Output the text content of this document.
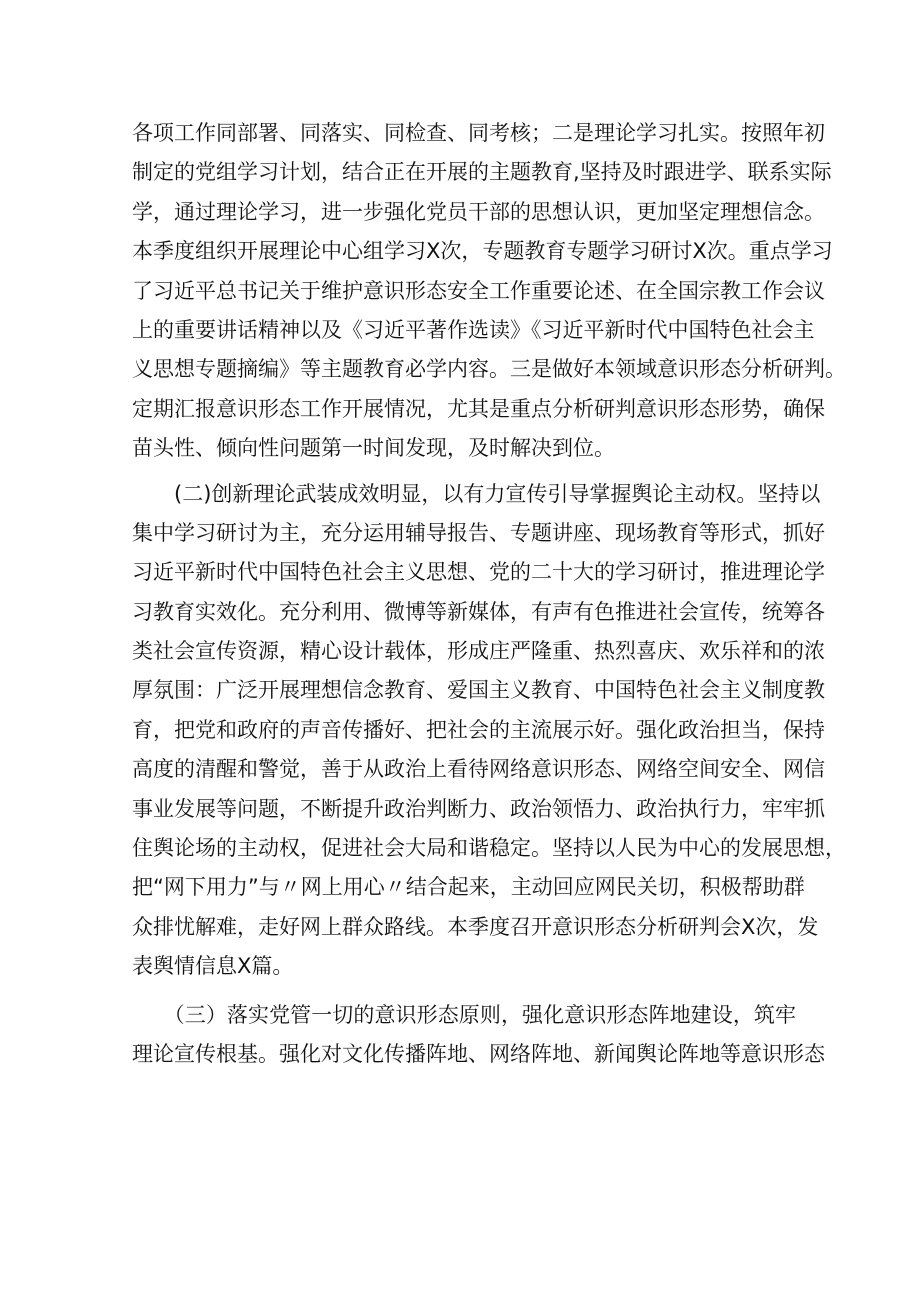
各项工作同部署、同落实、同检查、同考核；二是理论学习扎实。按照年初
制定的党组学习计划，结合正在开展的主题教育,坚持及时跟进学、联系实际
学，通过理论学习，进一步强化党员干部的思想认识，更加坚定理想信念。
本季度组织开展理论中心组学习X次，专题教育专题学习研讨X次。重点学习
了习近平总书记关于维护意识形态安全工作重要论述、在全国宗教工作会议
上的重要讲话精神以及《习近平著作选读》《习近平新时代中国特色社会主
义思想专题摘编》等主题教育必学内容。三是做好本领域意识形态分析研判。
定期汇报意识形态工作开展情况，尤其是重点分析研判意识形态形势，确保
苗头性、倾向性问题第一时间发现，及时解决到位。
　　(二)创新理论武装成效明显，以有力宣传引导掌握舆论主动权。坚持以
集中学习研讨为主，充分运用辅导报告、专题讲座、现场教育等形式，抓好
习近平新时代中国特色社会主义思想、党的二十大的学习研讨，推进理论学
习教育实效化。充分利用、微博等新媒体，有声有色推进社会宣传，统筹各
类社会宣传资源，精心设计载体，形成庄严隆重、热烈喜庆、欢乐祥和的浓
厚氛围：广泛开展理想信念教育、爱国主义教育、中国特色社会主义制度教
育，把党和政府的声音传播好、把社会的主流展示好。强化政治担当，保持
高度的清醒和警觉，善于从政治上看待网络意识形态、网络空间安全、网信
事业发展等问题，不断提升政治判断力、政治领悟力、政治执行力，牢牢抓
住舆论场的主动权，促进社会大局和谐稳定。坚持以人民为中心的发展思想，
把“网下用力”与〃网上用心〃结合起来，主动回应网民关切，积极帮助群
众排忧解难，走好网上群众路线。本季度召开意识形态分析研判会X次，发
表舆情信息X篇。
　　（三）落实党管一切的意识形态原则，强化意识形态阵地建设，筑牢
理论宣传根基。强化对文化传播阵地、网络阵地、新闻舆论阵地等意识形态
